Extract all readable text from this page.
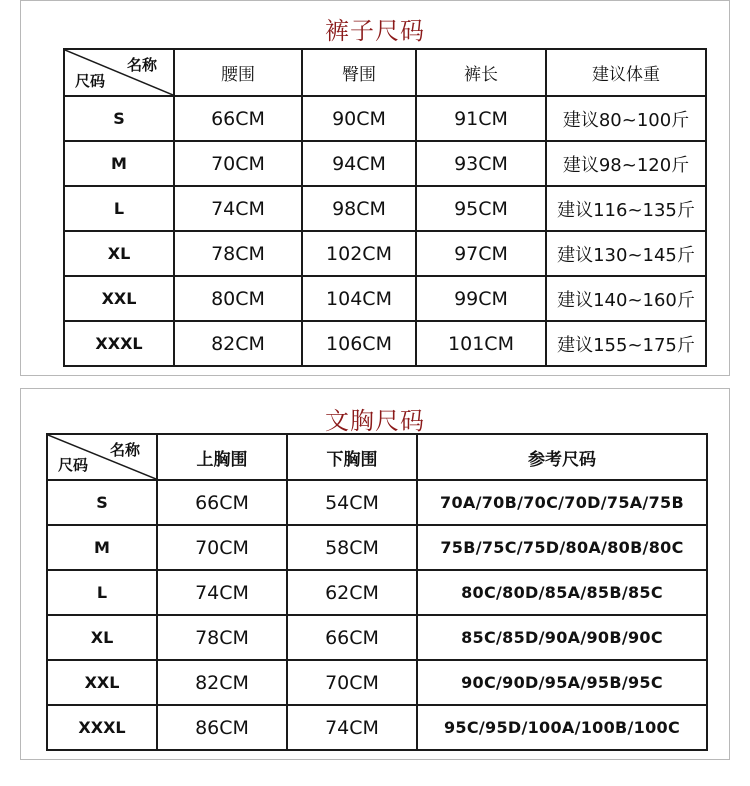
裤子尺码
名称
尺码	腰围	臀围	裤长	建议体重
S	66CM	90CM	91CM	建议80~100斤
M	70CM	94CM	93CM	建议98~120斤
L	74CM	98CM	95CM	建议116~135斤
XL	78CM	102CM	97CM	建议130~145斤
XXL	80CM	104CM	99CM	建议140~160斤
XXXL	82CM	106CM	101CM	建议155~175斤
文胸尺码
名称
尺码	上胸围	下胸围	参考尺码
S	66CM	54CM	70A/70B/70C/70D/75A/75B
M	70CM	58CM	75B/75C/75D/80A/80B/80C
L	74CM	62CM	80C/80D/85A/85B/85C
XL	78CM	66CM	85C/85D/90A/90B/90C
XXL	82CM	70CM	90C/90D/95A/95B/95C
XXXL	86CM	74CM	95C/95D/100A/100B/100C
